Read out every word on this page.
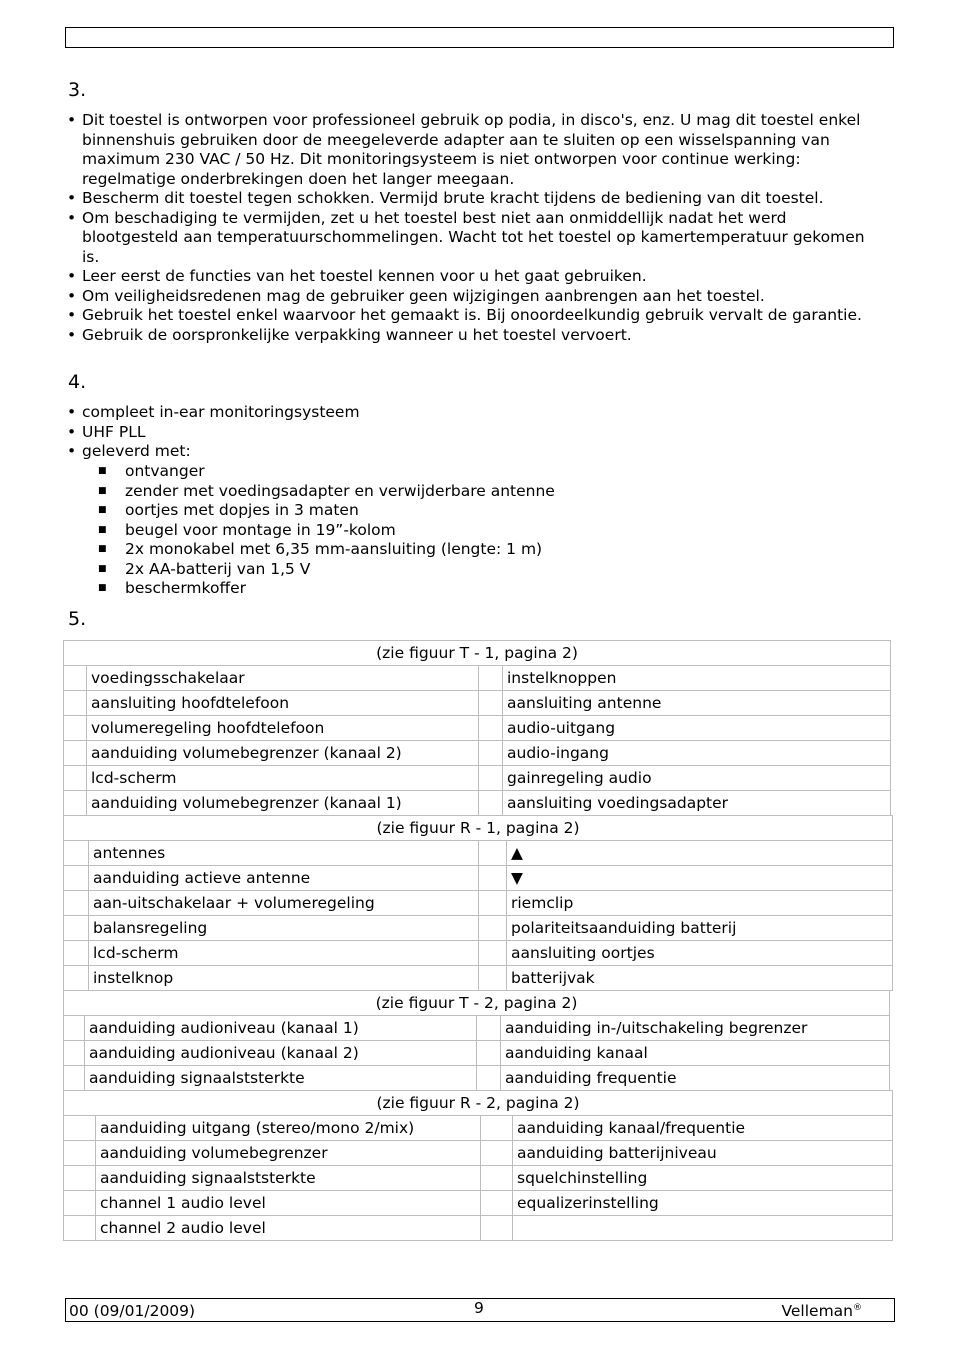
3.
• Dit toestel is ontworpen voor professioneel gebruik op podia, in disco's, enz. U mag dit toestel enkel binnenshuis gebruiken door de meegeleverde adapter aan te sluiten op een wisselspanning van maximum 230 VAC / 50 Hz. Dit monitoringsysteem is niet ontworpen voor continue werking: regelmatige onderbrekingen doen het langer meegaan.
• Bescherm dit toestel tegen schokken. Vermijd brute kracht tijdens de bediening van dit toestel.
• Om beschadiging te vermijden, zet u het toestel best niet aan onmiddellijk nadat het werd blootgesteld aan temperatuurschommelingen. Wacht tot het toestel op kamertemperatuur gekomen is.
• Leer eerst de functies van het toestel kennen voor u het gaat gebruiken.
• Om veiligheidsredenen mag de gebruiker geen wijzigingen aanbrengen aan het toestel.
• Gebruik het toestel enkel waarvoor het gemaakt is. Bij onoordeelkundig gebruik vervalt de garantie.
• Gebruik de oorspronkelijke verpakking wanneer u het toestel vervoert.
4.
• compleet in-ear monitoringsysteem
• UHF PLL
• geleverd met:
■ ontvanger
■ zender met voedingsadapter en verwijderbare antenne
■ oortjes met dopjes in 3 maten
■ beugel voor montage in 19”-kolom
■ 2x monokabel met 6,35 mm-aansluiting (lengte: 1 m)
■ 2x AA-batterij van 1,5 V
■ beschermkoffer
5.
(zie figuur T - 1, pagina 2)			
	voedingsschakelaar		instelknoppen
	aansluiting hoofdtelefoon		aansluiting antenne
	volumeregeling hoofdtelefoon		audio-uitgang
	aanduiding volumebegrenzer (kanaal 2)		audio-ingang
	lcd-scherm		gainregeling audio
	aanduiding volumebegrenzer (kanaal 1)		aansluiting voedingsadapter
(zie figuur R - 1, pagina 2)			
	antennes		▲
	aanduiding actieve antenne		▼
	aan-uitschakelaar + volumeregeling		riemclip
	balansregeling		polariteitsaanduiding batterij
	lcd-scherm		aansluiting oortjes
	instelknop		batterijvak
(zie figuur T - 2, pagina 2)			
	aanduiding audioniveau (kanaal 1)		aanduiding in-/uitschakeling begrenzer
	aanduiding audioniveau (kanaal 2)		aanduiding kanaal
	aanduiding signaalststerkte		aanduiding frequentie
(zie figuur R - 2, pagina 2)			
	aanduiding uitgang (stereo/mono 2/mix)		aanduiding kanaal/frequentie
	aanduiding volumebegrenzer		aanduiding batterijniveau
	aanduiding signaalststerkte		squelchinstelling
	channel 1 audio level		equalizerinstelling
	channel 2 audio level		
00 (09/01/2009)	9	Velleman®
